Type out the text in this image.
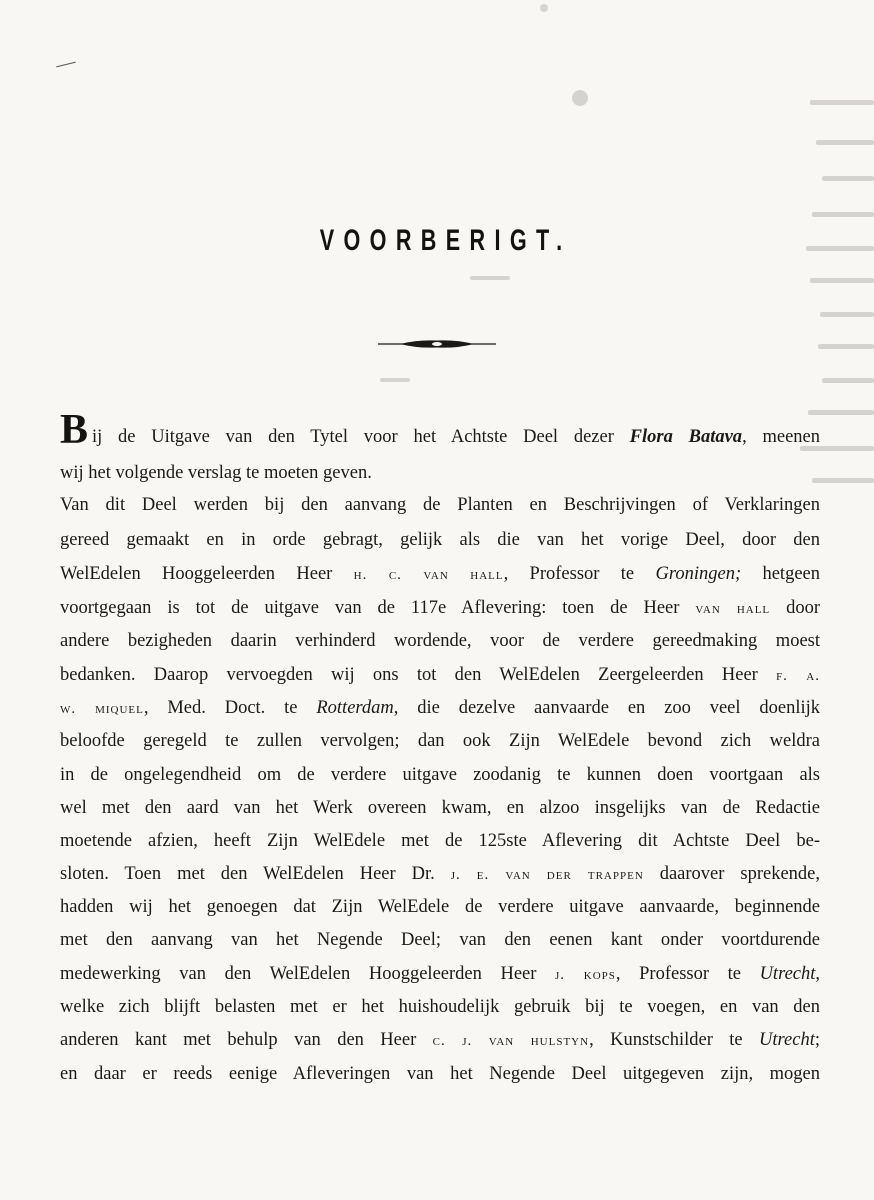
VOORBERIGT.
B ij de Uitgave van den Tytel voor het Achtste Deel dezer Flora Batava, meenen
wij het volgende verslag te moeten geven.
Van dit Deel werden bij den aanvang de Planten en Beschrijvingen of Verklaringen
gereed gemaakt en in orde gebragt, gelijk als die van het vorige Deel, door den
WelEdelen Hooggeleerden Heer h. c. van hall, Professor te Groningen; hetgeen
voortgegaan is tot de uitgave van de 117e Aflevering: toen de Heer van hall door
andere bezigheden daarin verhinderd wordende, voor de verdere gereedmaking moest
bedanken. Daarop vervoegden wij ons tot den WelEdelen Zeergeleerden Heer f. a.
w. miquel, Med. Doct. te Rotterdam, die dezelve aanvaarde en zoo veel doenlijk
beloofde geregeld te zullen vervolgen; dan ook Zijn WelEdele bevond zich weldra
in de ongelegendheid om de verdere uitgave zoodanig te kunnen doen voortgaan als
wel met den aard van het Werk overeen kwam, en alzoo insgelijks van de Redactie
moetende afzien, heeft Zijn WelEdele met de 125ste Aflevering dit Achtste Deel be-
sloten. Toen met den WelEdelen Heer Dr. j. e. van der trappen daarover sprekende,
hadden wij het genoegen dat Zijn WelEdele de verdere uitgave aanvaarde, beginnende
met den aanvang van het Negende Deel; van den eenen kant onder voortdurende
medewerking van den WelEdelen Hooggeleerden Heer j. kops, Professor te Utrecht,
welke zich blijft belasten met er het huishoudelijk gebruik bij te voegen, en van den
anderen kant met behulp van den Heer c. j. van hulstyn, Kunstschilder te Utrecht;
en daar er reeds eenige Afleveringen van het Negende Deel uitgegeven zijn, mogen
